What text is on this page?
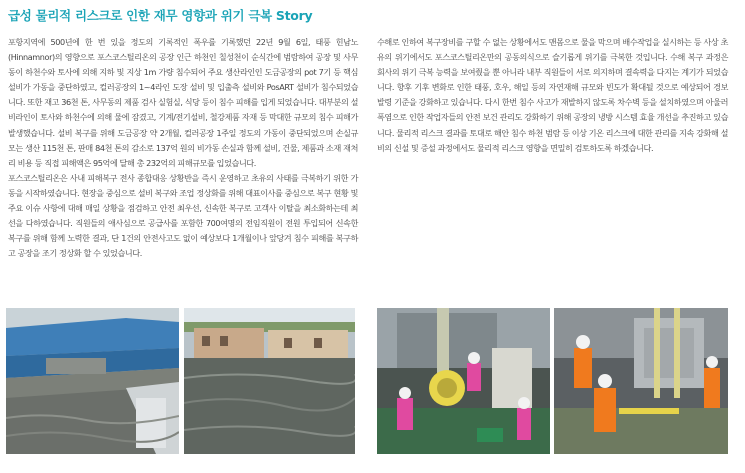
급성 물리적 리스크로 인한 재무 영향과 위기 극복 Story

포항지역에 500년에 한 번 있을 정도의 기록적인 폭우를 기록했던 22년 9월 6일, 태풍 힌남노(Hinnamnor)의 영향으로 포스코스틸리온의 공장 인근 하천인 칠성천이 순식간에 범람하여 공장 및 사무동이 하천수와 토사에 의해 지하 및 지상 1m 가량 침수되어 주요 생산라인인 도금공장의 pot 7기 등 핵심설비가 가동을 중단하였고, 컬러공장의 1~4라인 도장 설비 및 입출측 설비와 PosART 설비가 침수되었습니다. 또한 재고 36천 톤, 사무동의 제품 검사 실험실, 식당 등이 침수 피해를 입게 되었습니다. 대부분의 설비라인이 토사와 하천수에 의해 물에 잠겼고, 기계/전기설비, 철강제품 자재 등 막대한 규모의 침수 피해가 발생했습니다. 설비 복구를 위해 도금공장 약 2개월, 컬러공장 1주일 정도의 가동이 중단되었으며 손실규모는 생산 115천 톤, 판매 84천 톤의 감소로 137억 원의 비가동 손실과 함께 설비, 건물, 제품과 소재 재처리 비용 등 직접 피해액은 95억에 달해 총 232억의 피해규모를 입었습니다.

포스코스틸리온은 사내 피해복구 전사 종합대응 상황반을 즉시 운영하고 초유의 사태를 극복하기 위한 가동을 시작하였습니다. 현장을 중심으로 설비 복구와 조업 정상화를 위해 대표이사를 중심으로 복구 현황 및 주요 이슈 사항에 대해 매일 상황을 점검하고 안전 최우선, 신속한 복구로 고객사 이탈을 최소화하는데 최선을 다하였습니다. 직원들의 애사심으로 공급사를 포함한 700여명의 전임직원이 전원 투입되어 신속한 복구를 위해 함께 노력한 결과, 단 1건의 안전사고도 없이 예상보다 1개월이나 앞당겨 침수 피해를 복구하고 공장을 조기 정상화 할 수 있었습니다.

수해로 인하여 복구장비를 구할 수 없는 상황에서도 맨몸으로 물을 막으며 배수작업을 실시하는 등 사상 초유의 위기에서도 포스코스틸리온만의 공동의식으로 슬기롭게 위기를 극복한 것입니다. 수해 복구 과정은 회사의 위기 극복 능력을 보여줬을 뿐 아니라 내부 직원들이 서로 의지하며 결속력을 다지는 계기가 되었습니다. 향후 기후 변화로 인한 태풍, 호우, 해일 등의 자연재해 규모와 빈도가 확대될 것으로 예상되어 경보 발령 기준을 강화하고 있습니다. 다시 한번 침수 사고가 재발하지 않도록 차수벽 등을 설치하였으며 아울러 폭염으로 인한 작업자들의 안전 보건 관리도 강화하기 위해 공장의 냉방 시스템 효율 개선을 추진하고 있습니다. 물리적 리스크 결과를 토대로 해안 침수 하천 범람 등 이상 기온 리스크에 대한 관리를 지속 강화해 설비의 신설 및 증설 과정에서도 물리적 리스크 영향을 면밀히 검토하도록 하겠습니다.
